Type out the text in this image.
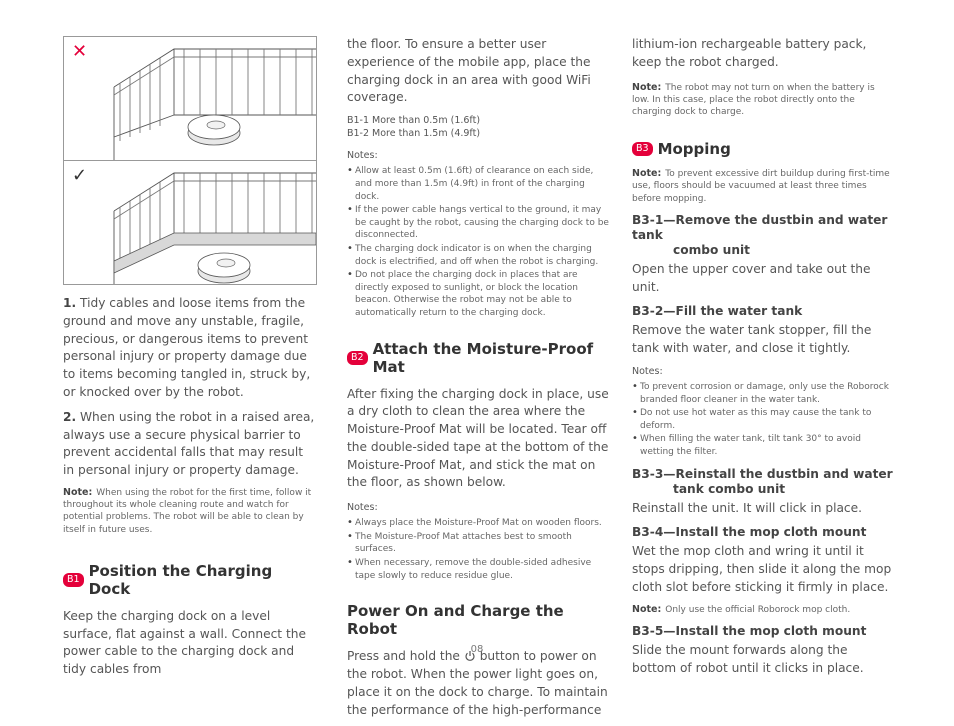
✕
✓

1. Tidy cables and loose items from the ground and move any unstable, fragile, precious, or dangerous items to prevent personal injury or property damage due to items becoming tangled in, struck by, or knocked over by the robot.

2. When using the robot in a raised area, always use a secure physical barrier to prevent accidental falls that may result in personal injury or property damage.

Note: When using the robot for the first time, follow it throughout its whole cleaning route and watch for potential problems. The robot will be able to clean by itself in future uses.

B1 Position the Charging Dock

Keep the charging dock on a level surface, flat against a wall. Connect the power cable to the charging dock and tidy cables from

the floor. To ensure a better user experience of the mobile app, place the charging dock in an area with good WiFi coverage.

B1-1 More than 0.5m (1.6ft)
B1-2 More than 1.5m (4.9ft)
Notes:
• Allow at least 0.5m (1.6ft) of clearance on each side, and more than 1.5m (4.9ft) in front of the charging dock.
• If the power cable hangs vertical to the ground, it may be caught by the robot, causing the charging dock to be disconnected.
• The charging dock indicator is on when the charging dock is electrified, and off when the robot is charging.
• Do not place the charging dock in places that are directly exposed to sunlight, or block the location beacon. Otherwise the robot may not be able to automatically return to the charging dock.
B2 Attach the Moisture-Proof Mat

After fixing the charging dock in place, use a dry cloth to clean the area where the Moisture-Proof Mat will be located. Tear off the double-sided tape at the bottom of the Moisture-Proof Mat, and stick the mat on the floor, as shown below.

Notes:
• Always place the Moisture-Proof Mat on wooden floors.
• The Moisture-Proof Mat attaches best to smooth surfaces.
• When necessary, remove the double-sided adhesive tape slowly to reduce residue glue.
Power On and Charge the Robot

Press and hold the button to power on the robot. When the power light goes on, place it on the dock to charge. To maintain the performance of the high-performance

lithium-ion rechargeable battery pack, keep the robot charged.

Note: The robot may not turn on when the battery is low. In this case, place the robot directly onto the charging dock to charge.

B3 Mopping

Note: To prevent excessive dirt buildup during first-time use, floors should be vacuumed at least three times before mopping.

B3-1—Remove the dustbin and water tank
combo unit

Open the upper cover and take out the unit.

B3-2—Fill the water tank

Remove the water tank stopper, fill the tank with water, and close it tightly.

Notes:
• To prevent corrosion or damage, only use the Roborock branded floor cleaner in the water tank.
• Do not use hot water as this may cause the tank to deform.
• When filling the water tank, tilt tank 30° to avoid wetting the filter.
B3-3—Reinstall the dustbin and water
tank combo unit

Reinstall the unit. It will click in place.

B3-4—Install the mop cloth mount

Wet the mop cloth and wring it until it stops dripping, then slide it along the mop cloth slot before sticking it firmly in place.

Note: Only use the official Roborock mop cloth.

B3-5—Install the mop cloth mount

Slide the mount forwards along the bottom of robot until it clicks in place.

08
